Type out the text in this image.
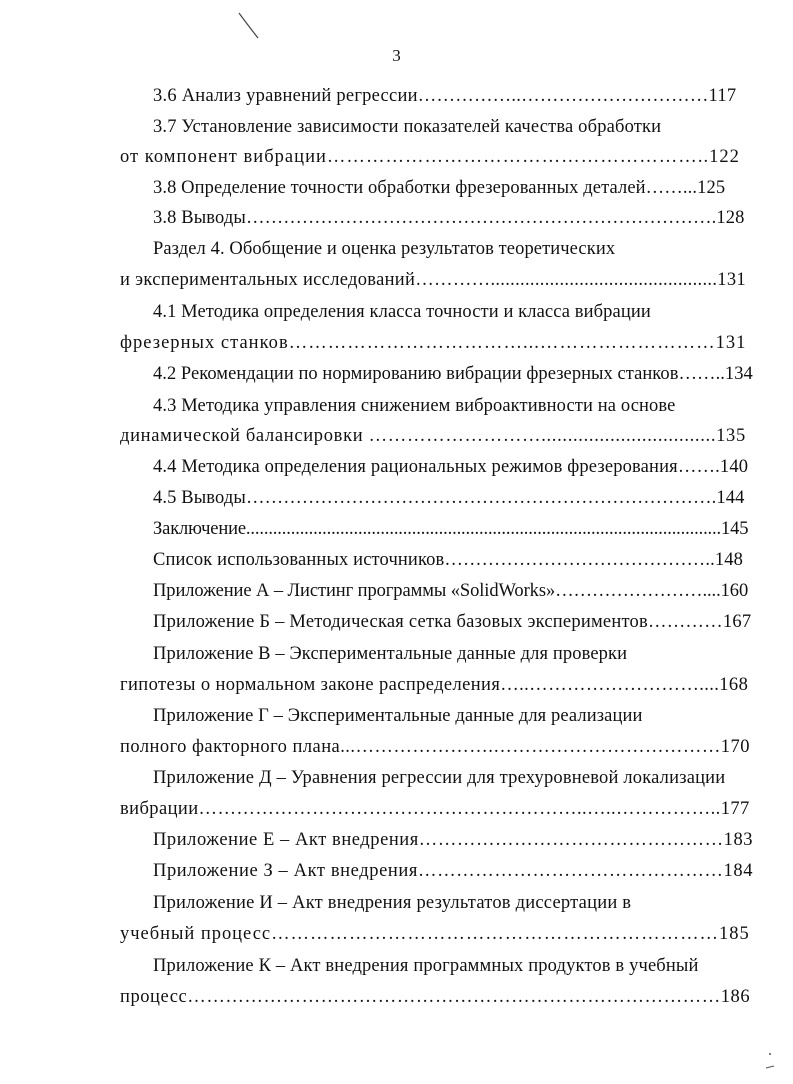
3
3.6 Анализ уравнений регрессии……………..…………………………117
3.7 Установление зависимости показателей качества обработки
от компонент вибрации…………………………………………………..122
3.8 Определение точности обработки фрезерованных деталей……...125
3.8 Выводы………………………………………………………………….128
Раздел 4. Обобщение и оценка результатов теоретических
и экспериментальных исследований…………..............................................131
4.1 Методика определения класса точности и класса вибрации
фрезерных станков………………………………...………………………131
4.2 Рекомендации по нормированию вибрации фрезерных станков……..134
4.3 Методика управления снижением виброактивности на основе
динамической балансировки ……………………….................................135
4.4 Методика определения рациональных режимов фрезерования…….140
4.5 Выводы………………………………………………………………….144
Заключение..........................................................................................................145
Список использованных источников……………………………………..148
Приложение А – Листинг программы «SolidWorks»……………………....160
Приложение Б – Методическая сетка базовых экспериментов…………167
Приложение В – Экспериментальные данные для проверки
гипотезы о нормальном законе распределения…..………………………....168
Приложение Г – Экспериментальные данные для реализации
полного факторного плана...………………….………………………………170
Приложение Д – Уравнения регрессии для трехуровневой локализации
вибрации……………………………………………………..…..……………..177
Приложение Е – Акт внедрения…………………………………………183
Приложение З – Акт внедрения…………………………………………184
Приложение И – Акт внедрения результатов диссертации в
учебный процесс……………………………………………………………185
Приложение К – Акт внедрения программных продуктов в учебный
процесс…………………………………………………………………………186
